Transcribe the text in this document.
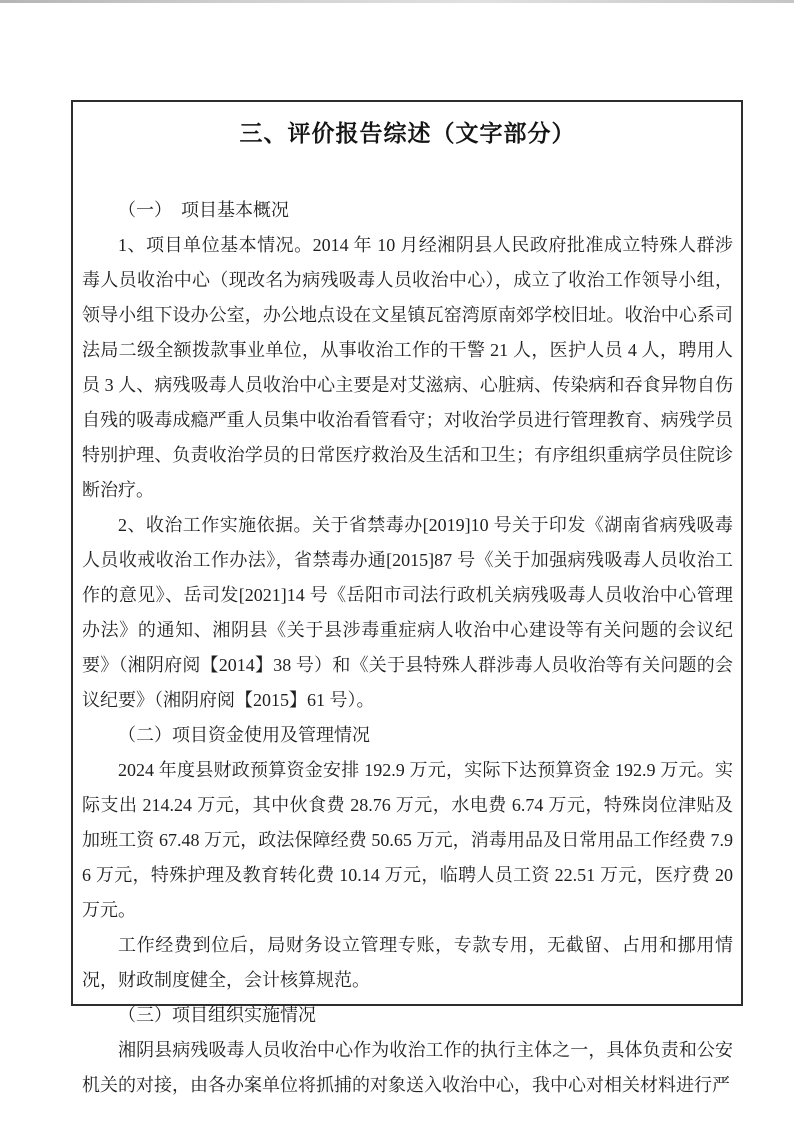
三、评价报告综述（文字部分）

（一）　项目基本概况

1、项目单位基本情况。2014 年 10 月经湘阴县人民政府批准成立特殊人群涉毒人员收治中心（现改名为病残吸毒人员收治中心），成立了收治工作领导小组，领导小组下设办公室，办公地点设在文星镇瓦窑湾原南郊学校旧址。收治中心系司法局二级全额拨款事业单位，从事收治工作的干警 21 人，医护人员 4 人，聘用人员 3 人、病残吸毒人员收治中心主要是对艾滋病、心脏病、传染病和吞食异物自伤自残的吸毒成瘾严重人员集中收治看管看守；对收治学员进行管理教育、病残学员特别护理、负责收治学员的日常医疗救治及生活和卫生；有序组织重病学员住院诊断治疗。

2、收治工作实施依据。关于省禁毒办[2019]10 号关于印发《湖南省病残吸毒人员收戒收治工作办法》，省禁毒办通[2015]87 号《关于加强病残吸毒人员收治工作的意见》、岳司发[2021]14 号《岳阳市司法行政机关病残吸毒人员收治中心管理办法》的通知、湘阴县《关于县涉毒重症病人收治中心建设等有关问题的会议纪要》（湘阴府阅【2014】38 号）和《关于县特殊人群涉毒人员收治等有关问题的会议纪要》（湘阴府阅【2015】61 号）。

（二）项目资金使用及管理情况

2024 年度县财政预算资金安排 192.9 万元，实际下达预算资金 192.9 万元。实际支出 214.24 万元，其中伙食费 28.76 万元，水电费 6.74 万元，特殊岗位津贴及加班工资 67.48 万元，政法保障经费 50.65 万元，消毒用品及日常用品工作经费 7.96 万元，特殊护理及教育转化费 10.14 万元，临聘人员工资 22.51 万元，医疗费 20 万元。

工作经费到位后，局财务设立管理专账，专款专用，无截留、占用和挪用情况，财政制度健全，会计核算规范。

（三）项目组织实施情况

湘阴县病残吸毒人员收治中心作为收治工作的执行主体之一，具体负责和公安机关的对接，由各办案单位将抓捕的对象送入收治中心，我中心对相关材料进行严
